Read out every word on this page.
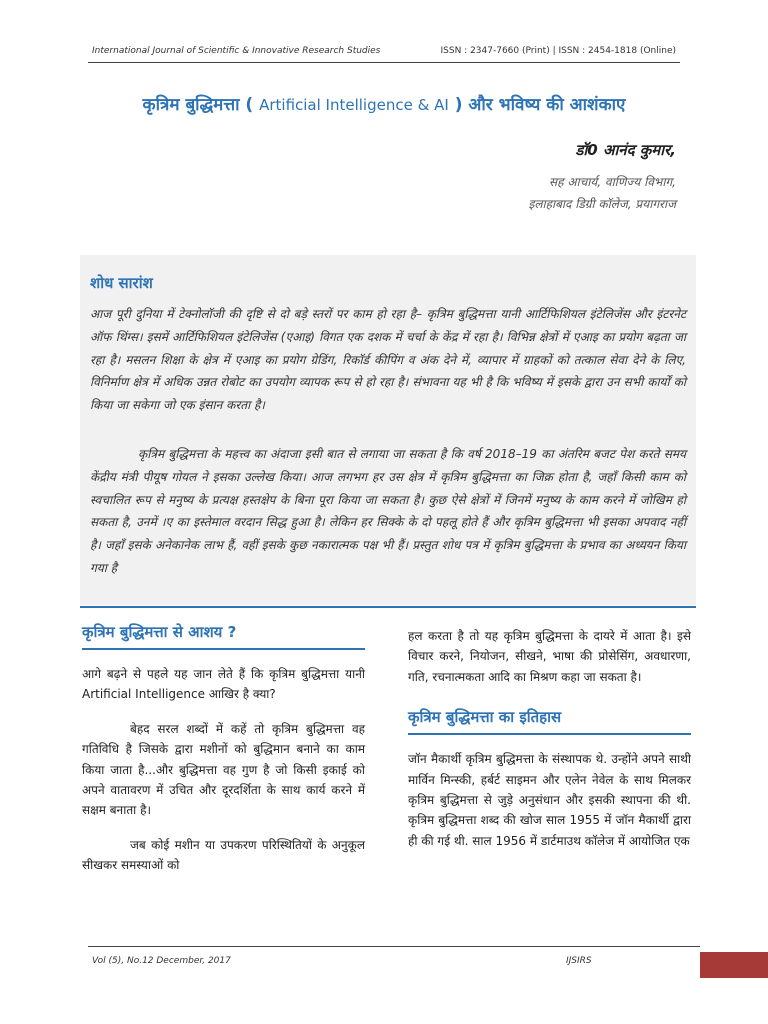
International Journal of Scientific & Innovative Research Studies	ISSN : 2347-7660 (Print) | ISSN : 2454-1818 (Online)
कृत्रिम बुद्धिमत्ता ( Artificial Intelligence & AI ) और भविष्य की आशंकाए
डॉ0 आनंद कुमार,
सह आचार्य, वाणिज्य विभाग,
इलाहाबाद डिग्री कॉलेज, प्रयागराज
शोध सारांश
आज पूरी दुनिया में टेक्नोलॉजी की दृष्टि से दो बड़े स्तरों पर काम हो रहा है– कृत्रिम बुद्धिमत्ता यानी आर्टिफिशियल इंटेलिजेंस और इंटरनेट ऑफ थिंग्स। इसमें आर्टिफिशियल इंटेलिजेंस (एआइ) विगत एक दशक में चर्चा के केंद्र में रहा है। विभिन्न क्षेत्रों में एआइ का प्रयोग बढ़ता जा रहा है। मसलन शिक्षा के क्षेत्र में एआइ का प्रयोग ग्रेडिंग, रिकॉर्ड कीपिंग व अंक देने में, व्यापार में ग्राहकों को तत्काल सेवा देने के लिए, विनिर्माण क्षेत्र में अधिक उन्नत रोबोट का उपयोग व्यापक रूप से हो रहा है। संभावना यह भी है कि भविष्य में इसके द्वारा उन सभी कार्यों को किया जा सकेगा जो एक इंसान करता है।
कृत्रिम बुद्धिमत्ता के महत्त्व का अंदाजा इसी बात से लगाया जा सकता है कि वर्ष 2018–19 का अंतरिम बजट पेश करते समय केंद्रीय मंत्री पीयूष गोयल ने इसका उल्लेख किया। आज लगभग हर उस क्षेत्र में कृत्रिम बुद्धिमत्ता का जिक्र होता है, जहाँ किसी काम को स्वचालित रूप से मनुष्य के प्रत्यक्ष हस्तक्षेप के बिना पूरा किया जा सकता है। कुछ ऐसे क्षेत्रों में जिनमें मनुष्य के काम करने में जोखिम हो सकता है, उनमें ।ए का इस्तेमाल वरदान सिद्ध हुआ है। लेकिन हर सिक्के के दो पहलू होते हैं और कृत्रिम बुद्धिमत्ता भी इसका अपवाद नहीं है। जहाँ इसके अनेकानेक लाभ हैं, वहीं इसके कुछ नकारात्मक पक्ष भी हैं। प्रस्तुत शोध पत्र में कृत्रिम बुद्धिमत्ता के प्रभाव का अध्ययन किया गया है
कृत्रिम बुद्धिमत्ता से आशय ?

आगे बढ़ने से पहले यह जान लेते हैं कि कृत्रिम बुद्धिमत्ता यानी Artificial Intelligence आखिर है क्या?

बेहद सरल शब्दों में कहें तो कृत्रिम बुद्धिमत्ता वह गतिविधि है जिसके द्वारा मशीनों को बुद्धिमान बनाने का काम किया जाता है...और बुद्धिमत्ता वह गुण है जो किसी इकाई को अपने वातावरण में उचित और दूरदर्शिता के साथ कार्य करने में सक्षम बनाता है।

जब कोई मशीन या उपकरण परिस्थितियों के अनुकूल सीखकर समस्याओं को

हल करता है तो यह कृत्रिम बुद्धिमत्ता के दायरे में आता है। इसे विचार करने, नियोजन, सीखने, भाषा की प्रोसेसिंग, अवधारणा, गति, रचनात्मकता आदि का मिश्रण कहा जा सकता है।

कृत्रिम बुद्धिमत्ता का इतिहास

जॉन मैकार्थी कृत्रिम बुद्धिमत्ता के संस्थापक थे. उन्होंने अपने साथी मार्विन मिन्स्की, हर्बर्ट साइमन और एलेन नेवेल के साथ मिलकर कृत्रिम बुद्धिमत्ता से जुड़े अनुसंधान और इसकी स्थापना की थी. कृत्रिम बुद्धिमत्ता शब्द की खोज साल 1955 में जॉन मैकार्थी द्वारा ही की गई थी. साल 1956 में डार्टमाउथ कॉलेज में आयोजित एक

Vol (5), No.12 December, 2017	IJSIRS
